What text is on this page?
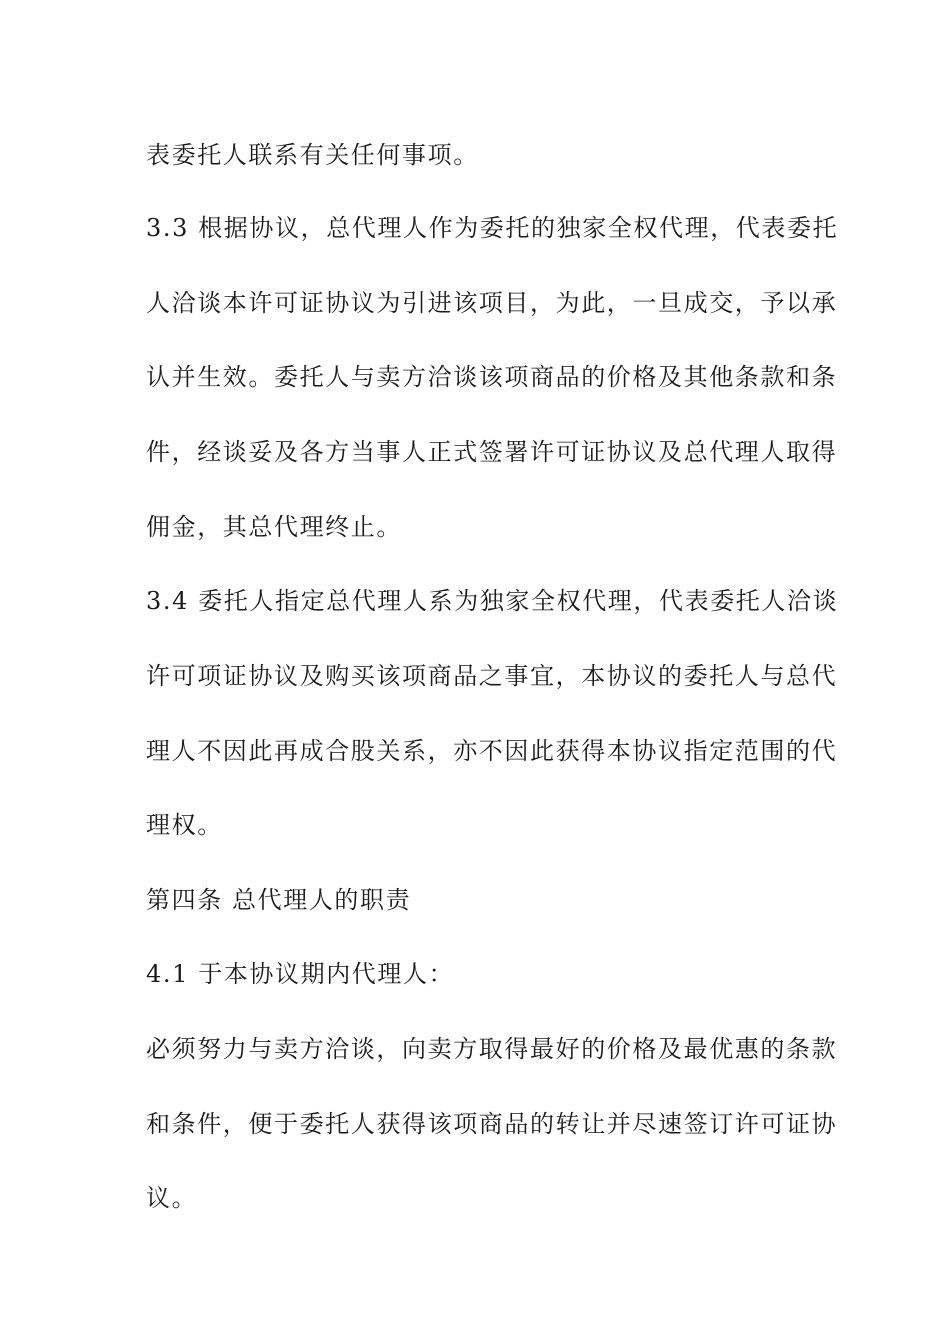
表委托人联系有关任何事项。

3.3 根据协议，总代理人作为委托的独家全权代理，代表委托

人洽谈本许可证协议为引进该项目，为此，一旦成交，予以承

认并生效。委托人与卖方洽谈该项商品的价格及其他条款和条

件，经谈妥及各方当事人正式签署许可证协议及总代理人取得

佣金，其总代理终止。

3.4 委托人指定总代理人系为独家全权代理，代表委托人洽谈

许可项证协议及购买该项商品之事宜，本协议的委托人与总代

理人不因此再成合股关系，亦不因此获得本协议指定范围的代

理权。

第四条 总代理人的职责

4.1 于本协议期内代理人：

必须努力与卖方洽谈，向卖方取得最好的价格及最优惠的条款

和条件，便于委托人获得该项商品的转让并尽速签订许可证协

议。
